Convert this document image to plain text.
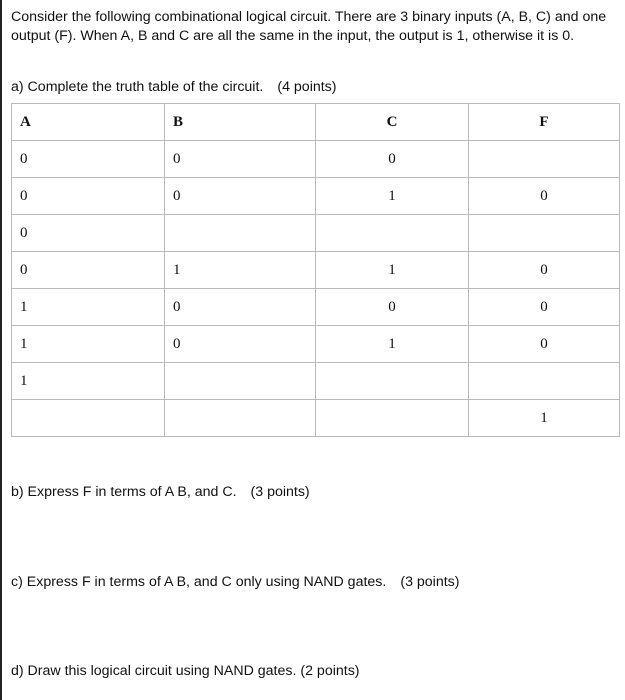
Consider the following combinational logical circuit. There are 3 binary inputs (A, B, C) and one output (F). When A, B and C are all the same in the input, the output is 1, otherwise it is 0.

a) Complete the truth table of the circuit. (4 points)

A	B	C	F
0	0	0	
0	0	1	0
0			
0	1	1	0
1	0	0	0
1	0	1	0
1			
			1

b) Express F in terms of A B, and C. (3 points)

c) Express F in terms of A B, and C only using NAND gates. (3 points)

d) Draw this logical circuit using NAND gates. (2 points)
